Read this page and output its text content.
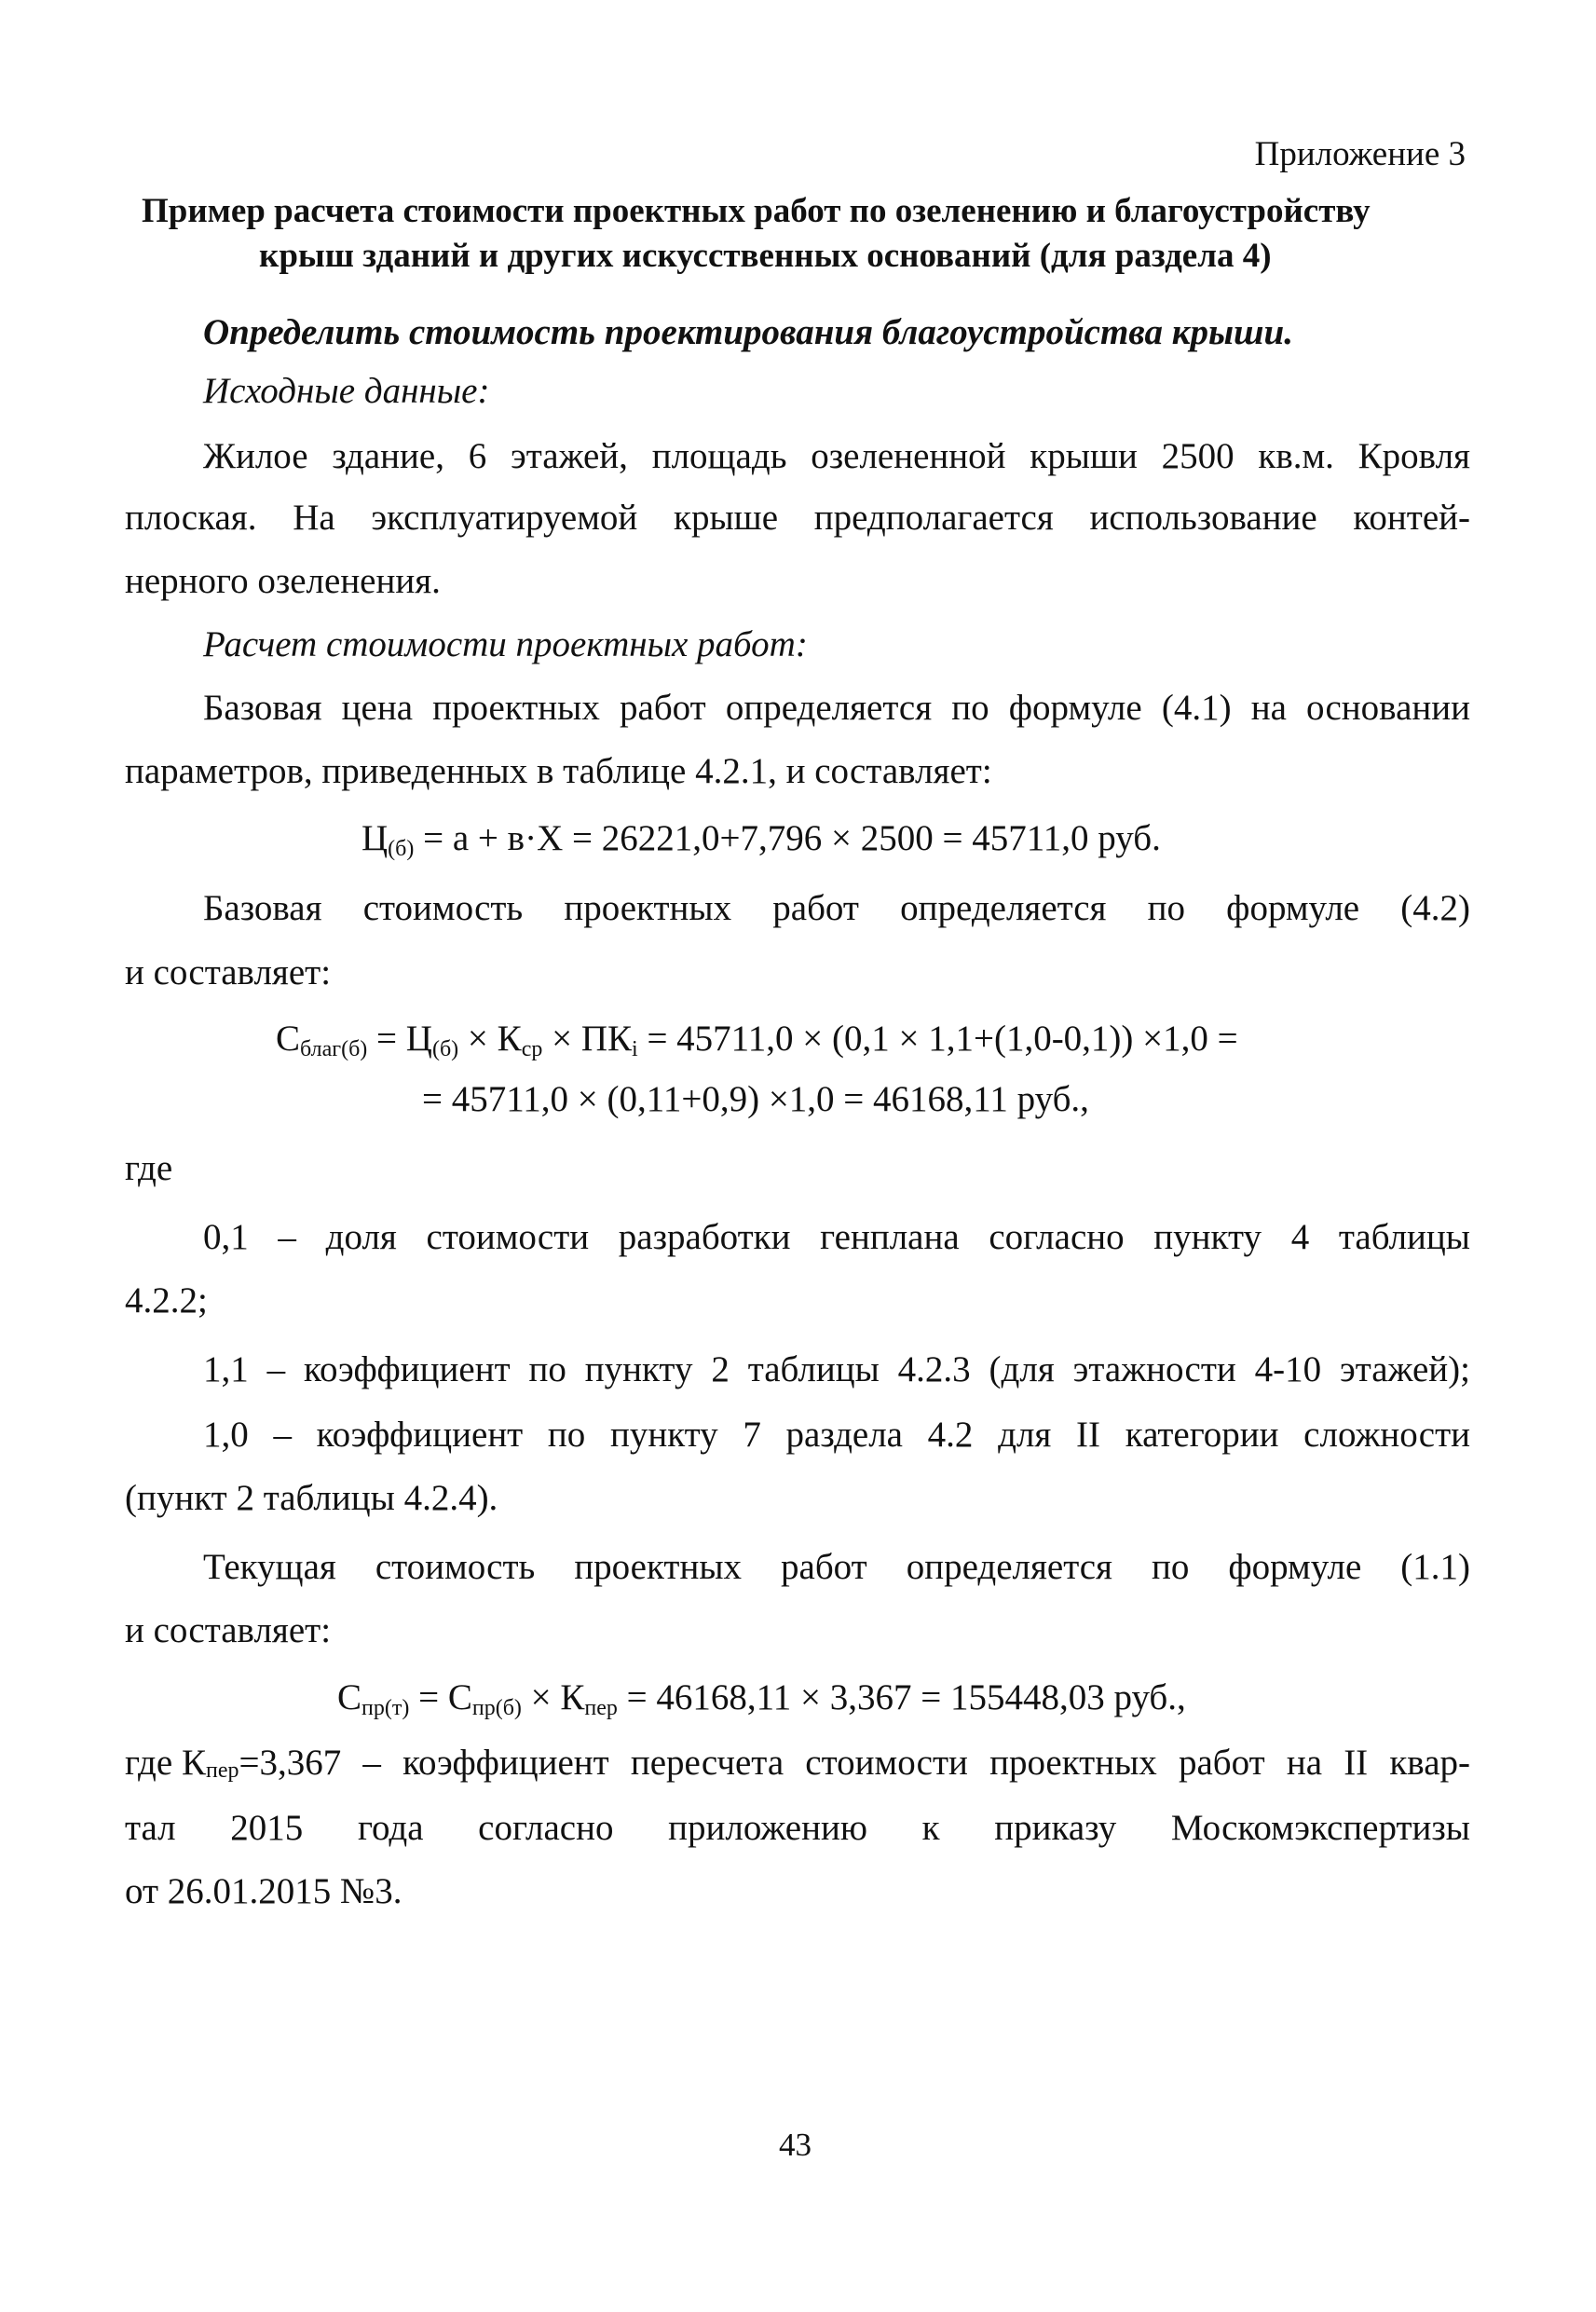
Приложение 3
Пример расчета стоимости проектных работ по озеленению и благоустройству
крыш зданий и других искусственных оснований (для раздела 4)
Определить стоимость проектирования благоустройства крыши.
Исходные данные:
Жилое здание, 6 этажей, площадь озелененной крыши 2500 кв.м. Кровля
плоская. На эксплуатируемой крыше предполагается использование контей-
нерного озеленения.
Расчет стоимости проектных работ:
Базовая цена проектных работ определяется по формуле (4.1) на основании
параметров, приведенных в таблице 4.2.1, и составляет:
$Ц_{(б)} = а + в\cdot Х = 26221,0+7,796 \times 2500 = 45711,0$ руб.
Базовая стоимость проектных работ определяется по формуле (4.2)
и составляет:
$С_{благ(б)} = Ц_{(б)} \times К_{ср} \times ПК_i = 45711,0 \times (0,1 \times 1,1+(1,0-0,1)) \times 1,0$ =
= 45711,0 × (0,11+0,9) ×1,0 = 46168,11 руб.,
где
0,1 – доля стоимости разработки генплана согласно пункту 4 таблицы
4.2.2;
1,1 – коэффициент по пункту 2 таблицы 4.2.3 (для этажности 4-10 этажей);
1,0 – коэффициент по пункту 7 раздела 4.2 для II категории сложности
(пункт 2 таблицы 4.2.4).
Текущая стоимость проектных работ определяется по формуле (1.1)
и составляет:
$С_{пр(т)} = С_{пр(б)} \times К_{пер} = 46168,11 \times 3,367 = 155448,03$ руб.,
где $К_{пер} =3,367$ – коэффициент пересчета стоимости проектных работ на II квар-
тал 2015 года согласно приложению к приказу Москомэкспертизы
от 26.01.2015 №3.
43
